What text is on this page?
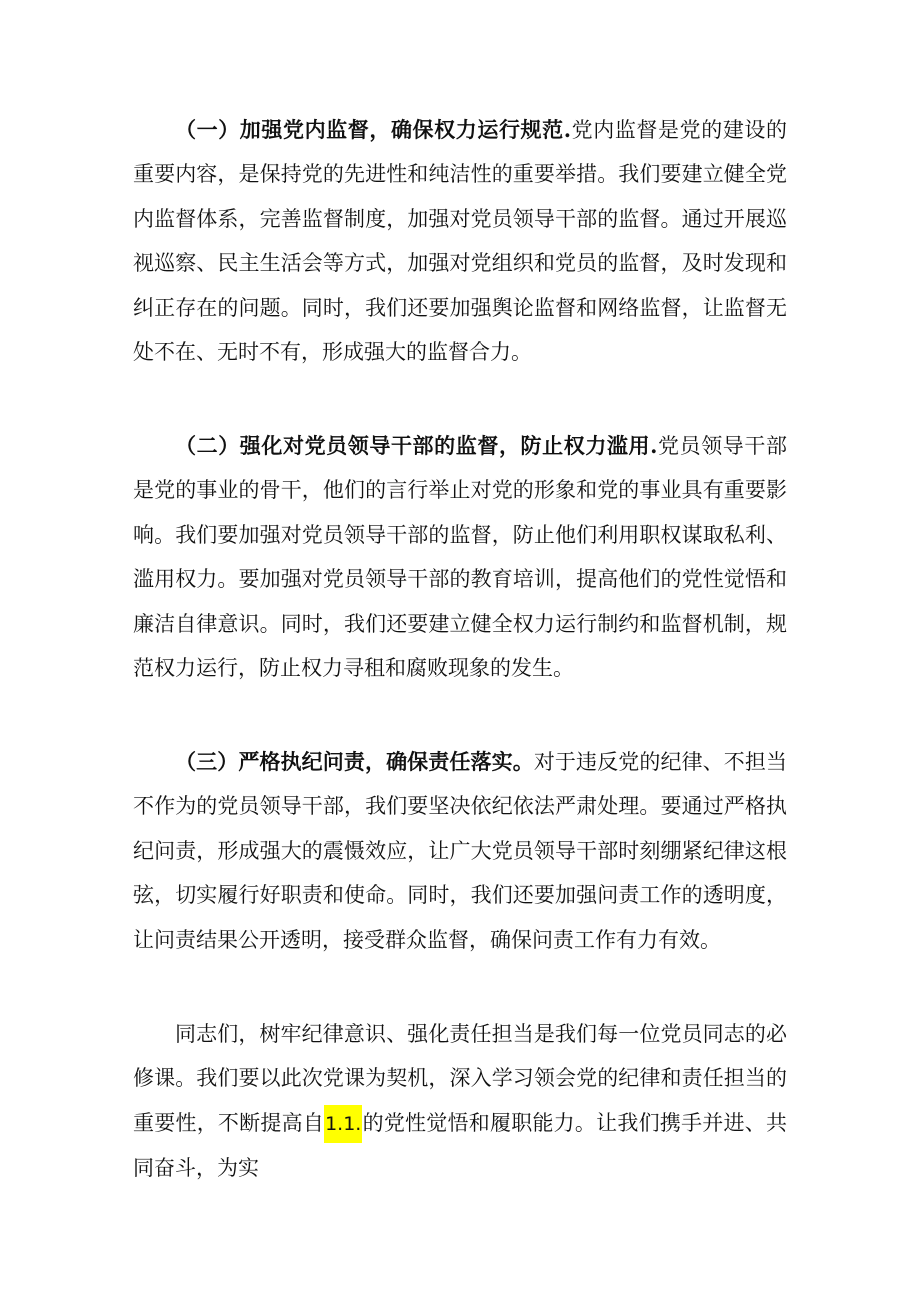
（一）加强党内监督，确保权力运行规范.党内监督是党的建设的重要内容，是保持党的先进性和纯洁性的重要举措。我们要建立健全党内监督体系，完善监督制度，加强对党员领导干部的监督。通过开展巡视巡察、民主生活会等方式，加强对党组织和党员的监督，及时发现和纠正存在的问题。同时，我们还要加强舆论监督和网络监督，让监督无处不在、无时不有，形成强大的监督合力。

（二）强化对党员领导干部的监督，防止权力滥用.党员领导干部是党的事业的骨干，他们的言行举止对党的形象和党的事业具有重要影响。我们要加强对党员领导干部的监督，防止他们利用职权谋取私利、滥用权力。要加强对党员领导干部的教育培训，提高他们的党性觉悟和廉洁自律意识。同时，我们还要建立健全权力运行制约和监督机制，规范权力运行，防止权力寻租和腐败现象的发生。

（三）严格执纪问责，确保责任落实。对于违反党的纪律、不担当不作为的党员领导干部，我们要坚决依纪依法严肃处理。要通过严格执纪问责，形成强大的震慑效应，让广大党员领导干部时刻绷紧纪律这根弦，切实履行好职责和使命。同时，我们还要加强问责工作的透明度，让问责结果公开透明，接受群众监督，确保问责工作有力有效。

同志们，树牢纪律意识、强化责任担当是我们每一位党员同志的必修课。我们要以此次党课为契机，深入学习领会党的纪律和责任担当的重要性，不断提高自1.1.的党性觉悟和履职能力。让我们携手并进、共同奋斗，为实
